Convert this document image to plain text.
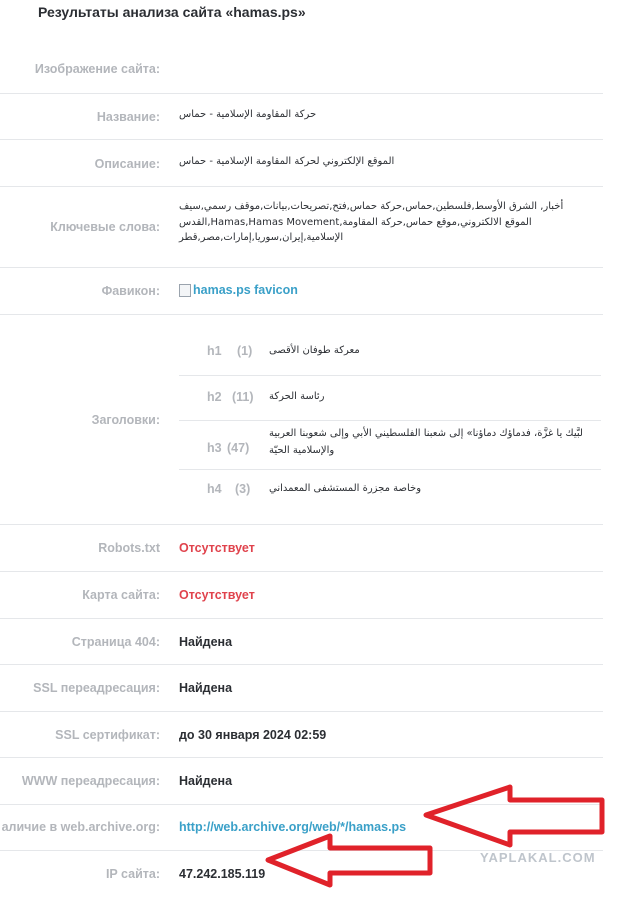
Результаты анализа сайта «hamas.ps»
Изображение сайта:
Название: حركة المقاومة الإسلامية - حماس
Описание: الموقع الإلكتروني لحركة المقاومة الإسلامية - حماس
Ключевые слова:
أخبار, الشرق الأوسط,فلسطين,حماس,حركة حماس,فتح,تصريحات,بيانات,موقف رسمي,سيف
الموقع الالكتروني,موقع حماس,حركة المقاومة,Hamas,Hamas Movement,القدس
الإسلامية,إيران,سوريا,إمارات,مصر,قطر
Фавикон:	hamas.ps favicon
Заголовки:
h1 (1) معركة طوفان الأقصى
h2 (11) رئاسة الحركة
h3 (47)
لبَّيك يا غزَّة، فدماؤك دماؤنا» إلى شعبنا الفلسطيني الأبي وإلى شعوبنا العربية والإسلامية الحيّة
h4 (3) وخاصة مجزرة المستشفى المعمداني
Robots.txt Отсутствует
Карта сайта: Отсутствует
Страница 404: Найдена
SSL переадресация: Найдена
SSL сертификат: до 30 января 2024 02:59
WWW переадресация: Найдена
аличие в web.archive.org: http://web.archive.org/web/*/hamas.ps
IP сайта: 47.242.185.119
YAPLAKAL.COM
